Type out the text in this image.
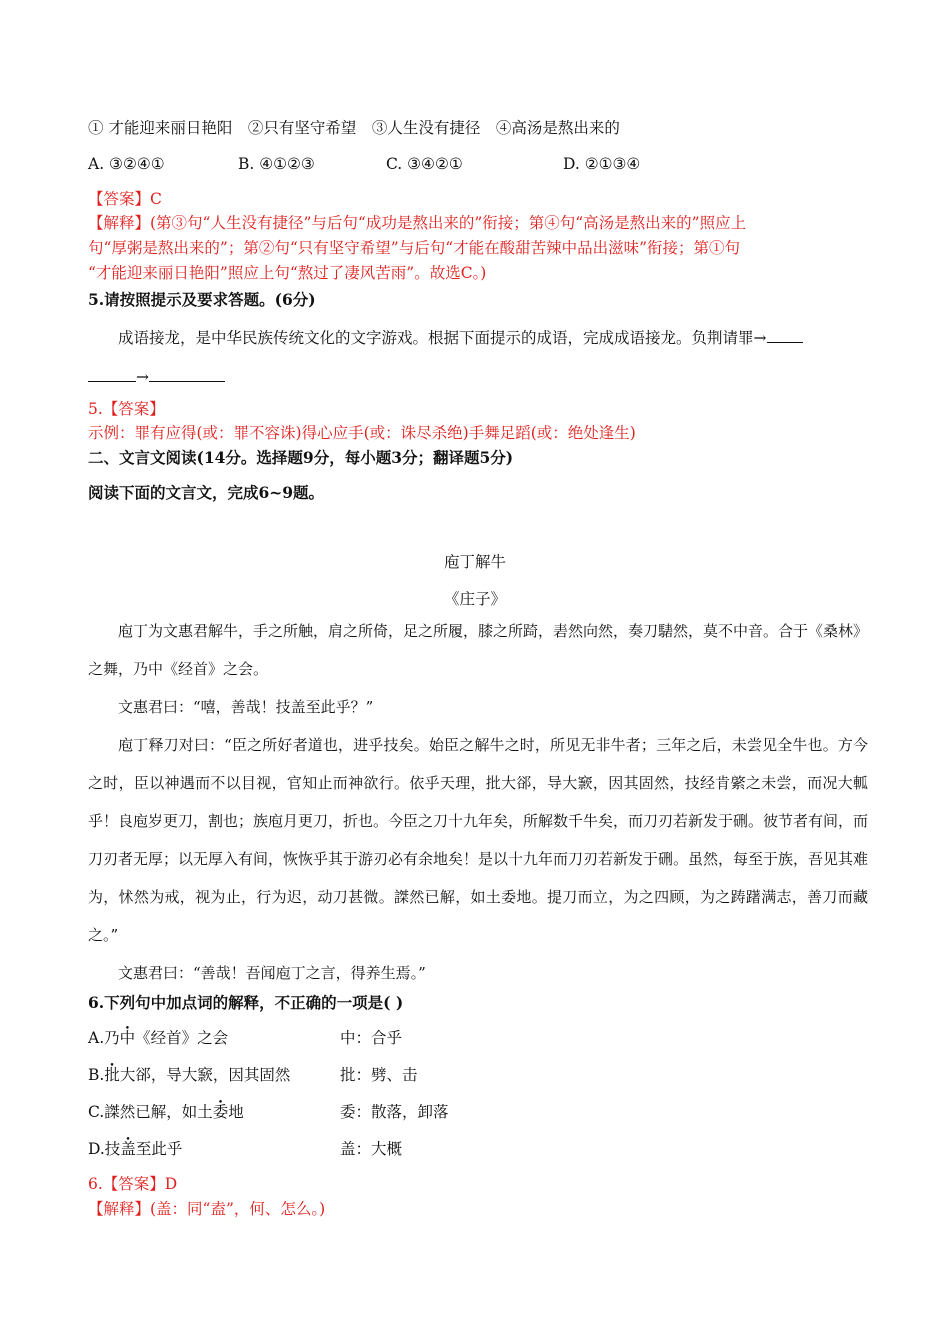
① 才能迎来丽日艳阳　②只有坚守希望　③人生没有捷径　④高汤是熬出来的
A. ③②④①	B. ④①②③	C. ③④②①	D. ②①③④
【答案】C
【解释】(第③句“人生没有捷径”与后句“成功是熬出来的”衔接；第④句“高汤是熬出来的”照应上
句“厚粥是熬出来的”；第②句“只有坚守希望”与后句“才能在酸甜苦辣中品出滋味”衔接；第①句
“才能迎来丽日艳阳”照应上句“熬过了凄风苦雨”。故选C。)
5.请按照提示及要求答题。(6分)
成语接龙，是中华民族传统文化的文字游戏。根据下面提示的成语，完成成语接龙。负荆请罪→
→
5.【答案】
示例：罪有应得(或：罪不容诛)得心应手(或：诛尽杀绝)手舞足蹈(或：绝处逢生)
二、文言文阅读(14分。选择题9分，每小题3分；翻译题5分)
阅读下面的文言文，完成6~9题。
庖丁解牛
《庄子》
庖丁为文惠君解牛，手之所触，肩之所倚，足之所履，膝之所踦，砉然向然，奏刀騞然，莫不中音。合于《桑林》之舞，乃中《经首》之会。
文惠君曰：“嘻，善哉！技盖至此乎？”
庖丁释刀对曰：“臣之所好者道也，进乎技矣。始臣之解牛之时，所见无非牛者；三年之后，未尝见全牛也。方今之时，臣以神遇而不以目视，官知止而神欲行。依乎天理，批大郤，导大窾，因其固然，技经肯綮之未尝，而况大軱乎！良庖岁更刀，割也；族庖月更刀，折也。今臣之刀十九年矣，所解数千牛矣，而刀刃若新发于硎。彼节者有间，而刀刃者无厚；以无厚入有间，恢恢乎其于游刃必有余地矣！是以十九年而刀刃若新发于硎。虽然，每至于族，吾见其难为，怵然为戒，视为止，行为迟，动刀甚微。謋然已解，如土委地。提刀而立，为之四顾，为之踌躇满志，善刀而藏之。”
文惠君曰：“善哉！吾闻庖丁之言，得养生焉。”
6.下列句中加点词的解释，不正确的一项是( )
A.乃中《经首》之会	中：合乎
B.批大郤，导大窾，因其固然	批：劈、击
C.謋然已解，如土委地	委：散落，卸落
D.技盖至此乎	盖：大概
6.【答案】D
【解释】(盖：同“盍”，何、怎么。)
